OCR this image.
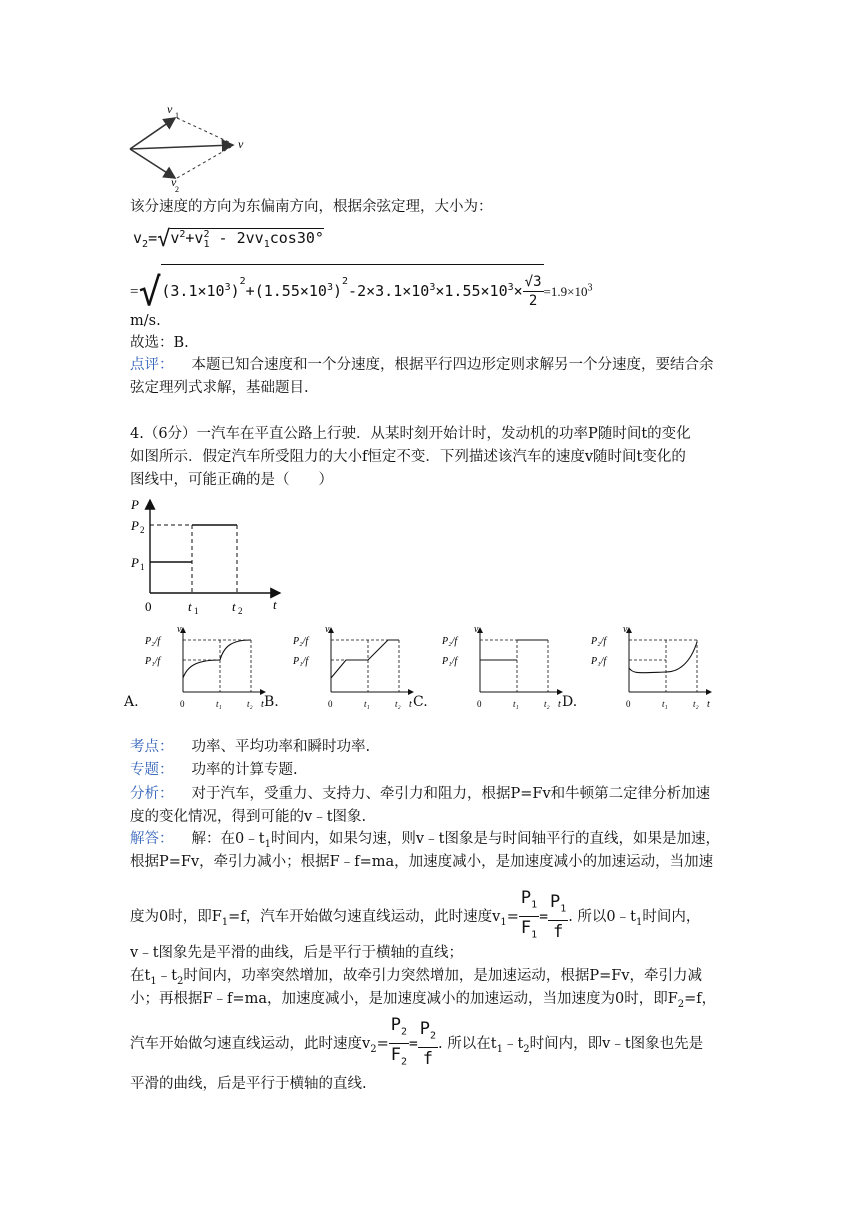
v 1
v
v
2
该分速度的方向为东偏南方向，根据余弦定理，大小为：
$v_2=√v^2+v_1^2 - 2vv_1\cos 30^\circ$
$=√(3.1\times 10^3)^2+(1.55\times 10^3)^2-2\times 3.1\times 10^3\times 1.55\times 10^3\times \frac{√3}{2} =1.9\times 10^3$
m/s.
故选：B.
点评： 本题已知合速度和一个分速度，根据平行四边形定则求解另一个分速度，要结合余
弦定理列式求解，基础题目.
4.（6分）一汽车在平直公路上行驶．从某时刻开始计时，发动机的功率P随时间t的变化
如图所示．假定汽车所受阻力的大小f恒定不变．下列描述该汽车的速度v随时间t变化的
图线中，可能正确的是（　　）
P
P 2
P 1
0	t 1	t 2 t
A.
v
P₂/f
P₁/f
0	t₁	t₂ t B.
v
P₂/f
P₁/f
0	t₁	t₂ t C.
v
P₂/f
P₁/f
0	t₁	t₂ t D.
v
P₂/f
P₁/f
0	t₁	t₂ t
考点： 功率、平均功率和瞬时功率.
专题： 功率的计算专题.
分析： 对于汽车，受重力、支持力、牵引力和阻力，根据P=Fv和牛顿第二定律分析加速
度的变化情况，得到可能的v﹣t图象.
解答： 解：在$0﹣t_1$时间内，如果匀速，则v﹣t图象是与时间轴平行的直线，如果是加速，
根据P=Fv，牵引力减小；根据F﹣f=ma，加速度减小，是加速度减小的加速运动，当加速
度为0时，即$F_1=f$，汽车开始做匀速直线运动，此时速度$v_1= \frac{P_1}{F_1} = \frac{P_1}{f}$ . 所以$0﹣t_1$时间内，
v﹣t图象先是平滑的曲线，后是平行于横轴的直线；
在$t_1﹣t_2$时间内，功率突然增加，故牵引力突然增加，是加速运动，根据P=Fv，牵引力减
小；再根据F﹣f=ma，加速度减小，是加速度减小的加速运动，当加速度为0时，即$F_2=f$，
汽车开始做匀速直线运动，此时速度$v_2= \frac{P_2}{F_2} = \frac{P_2}{f}$ . 所以在$t_1﹣t_2$时间内，即v﹣t图象也先是
平滑的曲线，后是平行于横轴的直线.
